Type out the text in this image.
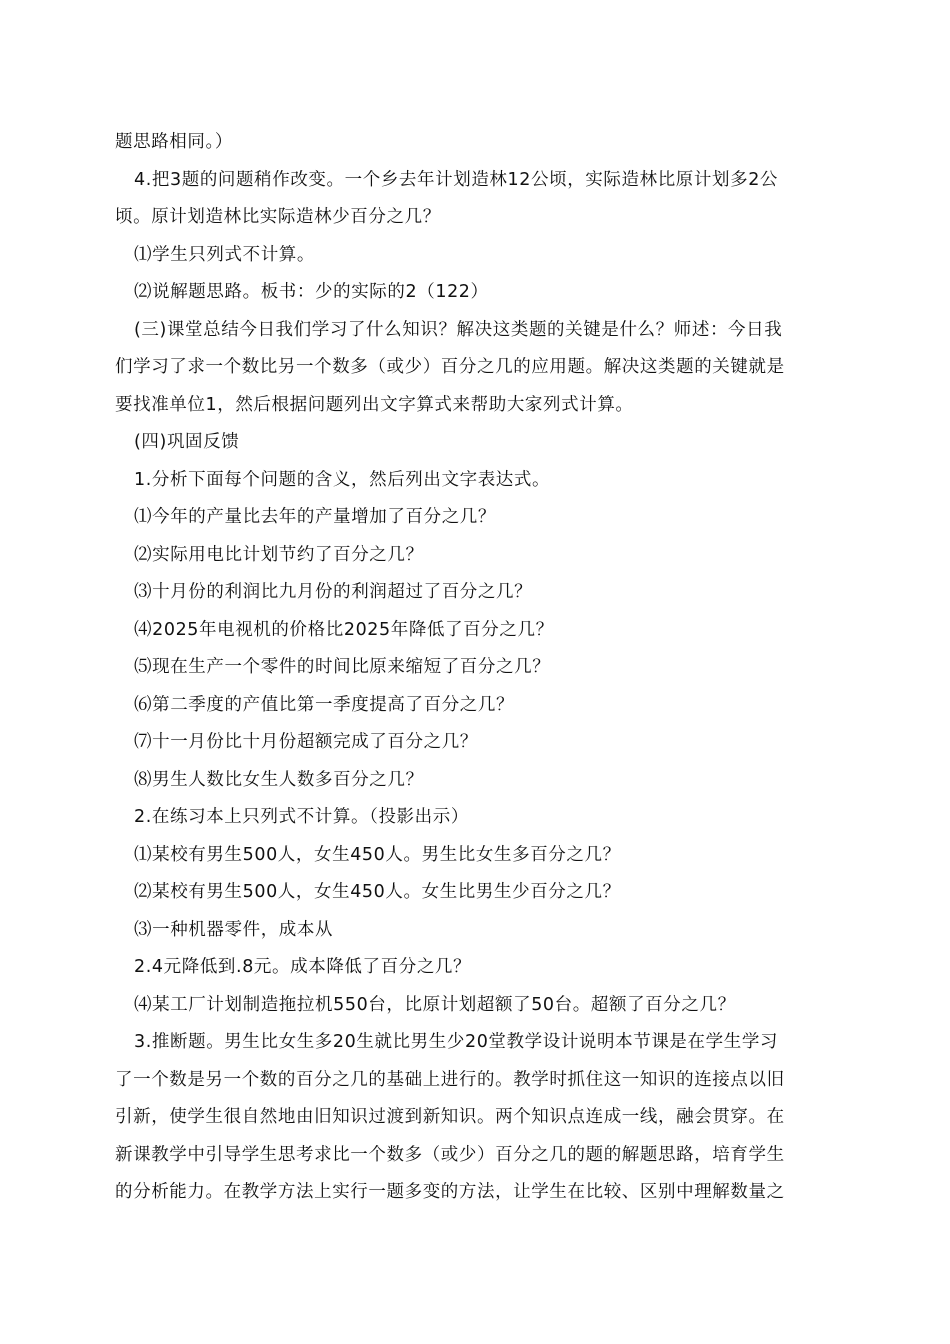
题思路相同。）
4.把3题的问题稍作改变。一个乡去年计划造林12公顷，实际造林比原计划多2公
顷。原计划造林比实际造林少百分之几？
⑴学生只列式不计算。
⑵说解题思路。板书：少的实际的2（122）
(三)课堂总结今日我们学习了什么知识？解决这类题的关键是什么？师述：今日我
们学习了求一个数比另一个数多（或少）百分之几的应用题。解决这类题的关键就是
要找准单位1，然后根据问题列出文字算式来帮助大家列式计算。
(四)巩固反馈
1.分析下面每个问题的含义，然后列出文字表达式。
⑴今年的产量比去年的产量增加了百分之几？
⑵实际用电比计划节约了百分之几？
⑶十月份的利润比九月份的利润超过了百分之几？
⑷2025年电视机的价格比2025年降低了百分之几？
⑸现在生产一个零件的时间比原来缩短了百分之几？
⑹第二季度的产值比第一季度提高了百分之几？
⑺十一月份比十月份超额完成了百分之几？
⑻男生人数比女生人数多百分之几？
2.在练习本上只列式不计算。（投影出示）
⑴某校有男生500人，女生450人。男生比女生多百分之几？
⑵某校有男生500人，女生450人。女生比男生少百分之几？
⑶一种机器零件，成本从
2.4元降低到.8元。成本降低了百分之几？
⑷某工厂计划制造拖拉机550台，比原计划超额了50台。超额了百分之几？
3.推断题。男生比女生多20生就比男生少20堂教学设计说明本节课是在学生学习
了一个数是另一个数的百分之几的基础上进行的。教学时抓住这一知识的连接点以旧
引新，使学生很自然地由旧知识过渡到新知识。两个知识点连成一线，融会贯穿。在
新课教学中引导学生思考求比一个数多（或少）百分之几的题的解题思路，培育学生
的分析能力。在教学方法上实行一题多变的方法，让学生在比较、区别中理解数量之
